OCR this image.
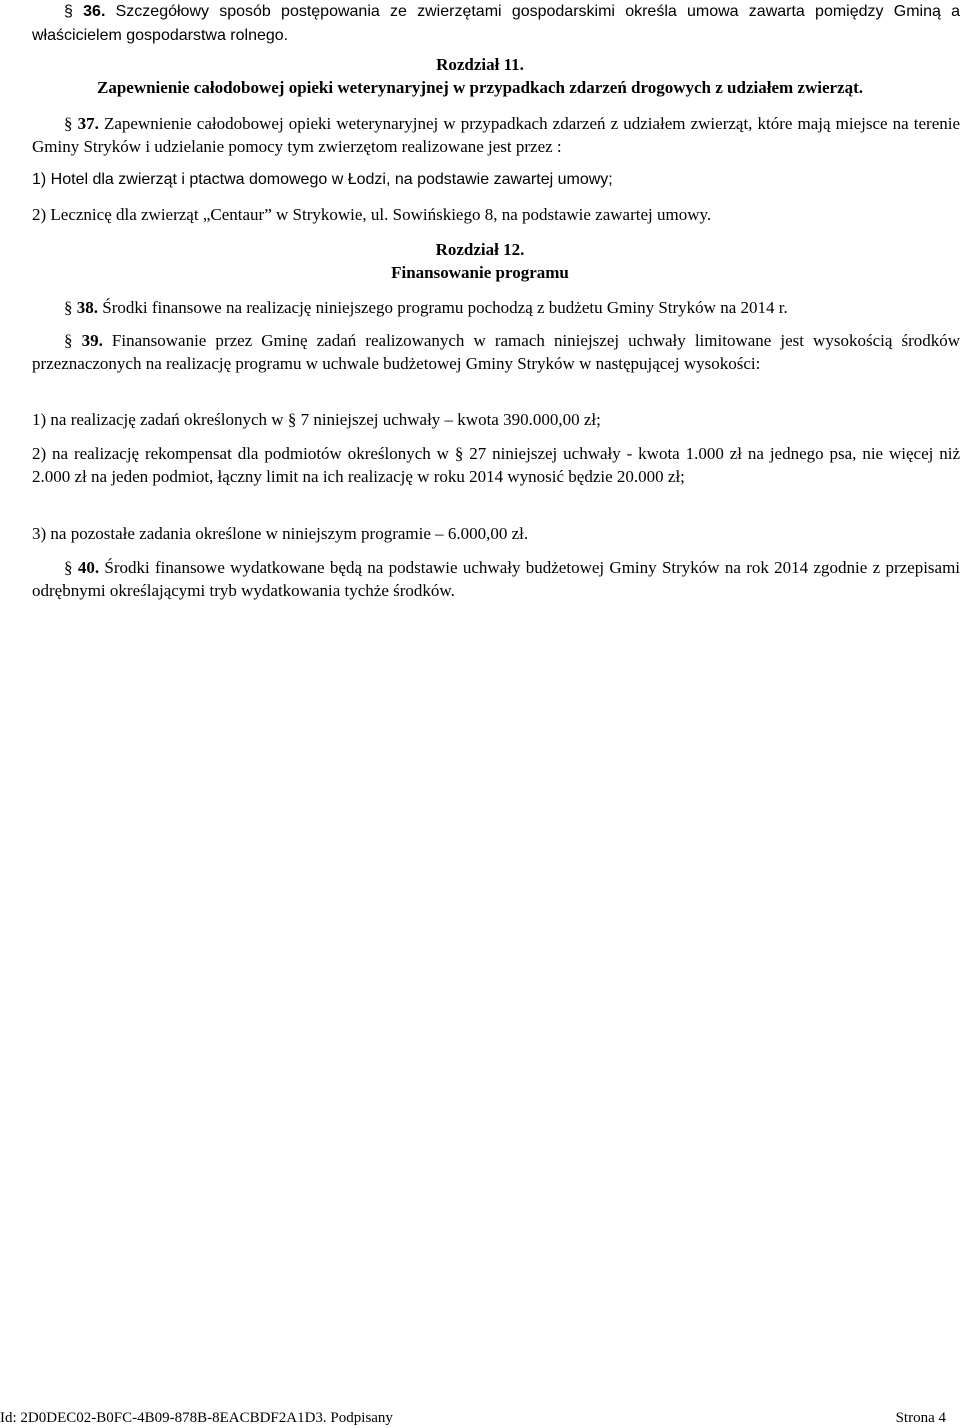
§ 36. Szczegółowy sposób postępowania ze zwierzętami gospodarskimi określa umowa zawarta pomiędzy Gminą a właścicielem gospodarstwa rolnego.

Rozdział 11.

Zapewnienie całodobowej opieki weterynaryjnej w przypadkach zdarzeń drogowych z udziałem zwierząt.

§ 37. Zapewnienie całodobowej opieki weterynaryjnej w przypadkach zdarzeń z udziałem zwierząt, które mają miejsce na terenie Gminy Stryków i udzielanie pomocy tym zwierzętom realizowane jest przez :

1) Hotel dla zwierząt i ptactwa domowego w Łodzi, na podstawie zawartej umowy;

2) Lecznicę dla zwierząt „Centaur” w Strykowie, ul. Sowińskiego 8, na podstawie zawartej umowy.

Rozdział 12.

Finansowanie programu

§ 38. Środki finansowe na realizację niniejszego programu pochodzą z budżetu Gminy Stryków na 2014 r.

§ 39. Finansowanie przez Gminę zadań realizowanych w ramach niniejszej uchwały limitowane jest wysokością środków przeznaczonych na realizację programu w uchwale budżetowej Gminy Stryków w następującej wysokości:

1) na realizację zadań określonych w § 7 niniejszej uchwały – kwota 390.000,00 zł;

2) na realizację rekompensat dla podmiotów określonych w § 27 niniejszej uchwały - kwota 1.000 zł na jednego psa, nie więcej niż 2.000 zł na jeden podmiot, łączny limit na ich realizację w roku 2014 wynosić będzie 20.000 zł;

3) na pozostałe zadania określone w niniejszym programie – 6.000,00 zł.

§ 40. Środki finansowe wydatkowane będą na podstawie uchwały budżetowej Gminy Stryków na rok 2014 zgodnie z przepisami odrębnymi określającymi tryb wydatkowania tychże środków.

Id: 2D0DEC02-B0FC-4B09-878B-8EACBDF2A1D3. Podpisany	Strona 4
